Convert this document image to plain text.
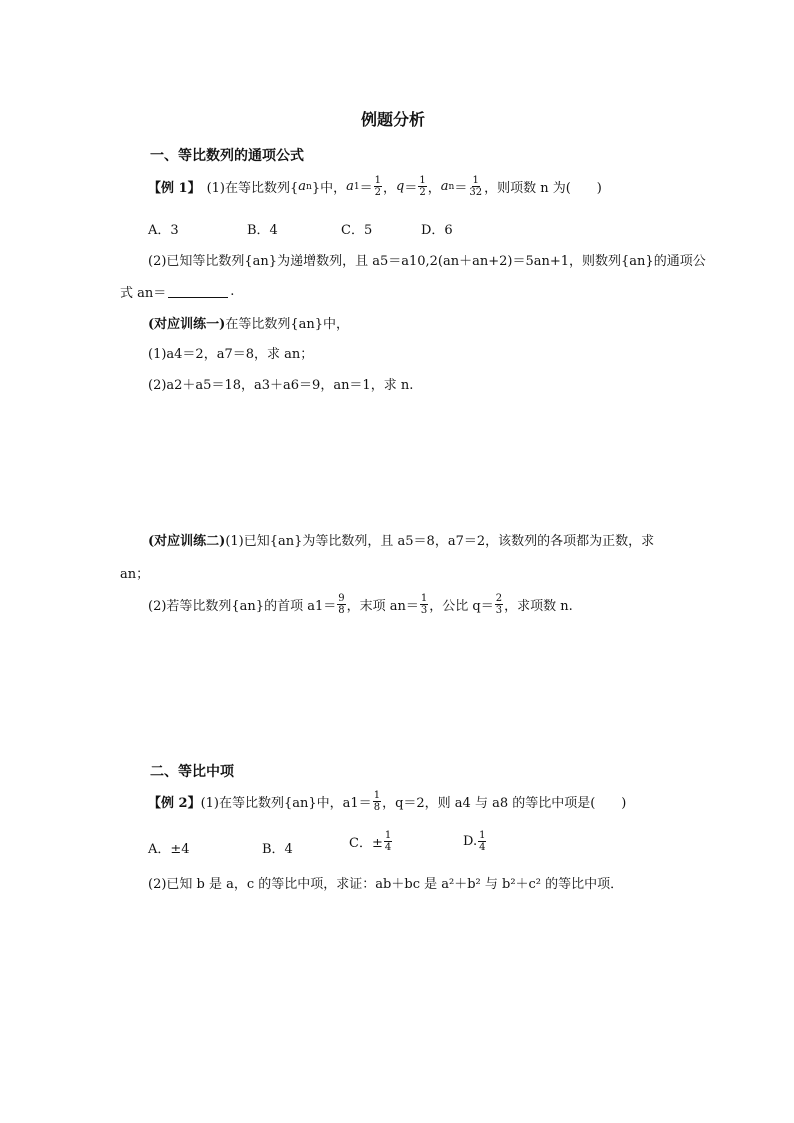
例题分析
一、等比数列的通项公式
【例 1】 (1)在等比数列{ a n }中， a $1 = \frac{1}{2}$ ， $q = \frac{1}{2}$ ， a $n = \frac{1}{32}$ ，则项数 n 为(　　)
A．3	B．4	C．5	D．6
(2)已知等比数列{an}为递增数列，且 a5＝a10,2(an＋an+2)＝5an+1，则数列{an}的通项公
式 an＝	.
(对应训练一) 在等比数列{an}中，
(1)a4＝2，a7＝8，求 an；
(2)a2＋a5＝18，a3＋a6＝9，an＝1，求 n.
(对应训练二) (1)已知{an}为等比数列，且 a5＝8，a7＝2，该数列的各项都为正数，求
an；
(2)若等比数列{an}的首项 $a1= \frac{9}{8}$ ，末项 $an= \frac{1}{3}$ ，公比 $q= \frac{2}{3}$ ，求项数 n.
二、等比中项
【例 2】 (1)在等比数列{an}中，$a1= \frac{1}{8}$ ，q＝2，则 a4 与 a8 的等比中项是(　　)
A．±4	B．4	C．± $\frac{1}{4}$	D. $\frac{1}{4}$
(2)已知 b 是 a，c 的等比中项，求证：ab＋bc 是 a²＋b² 与 b²＋c² 的等比中项．
